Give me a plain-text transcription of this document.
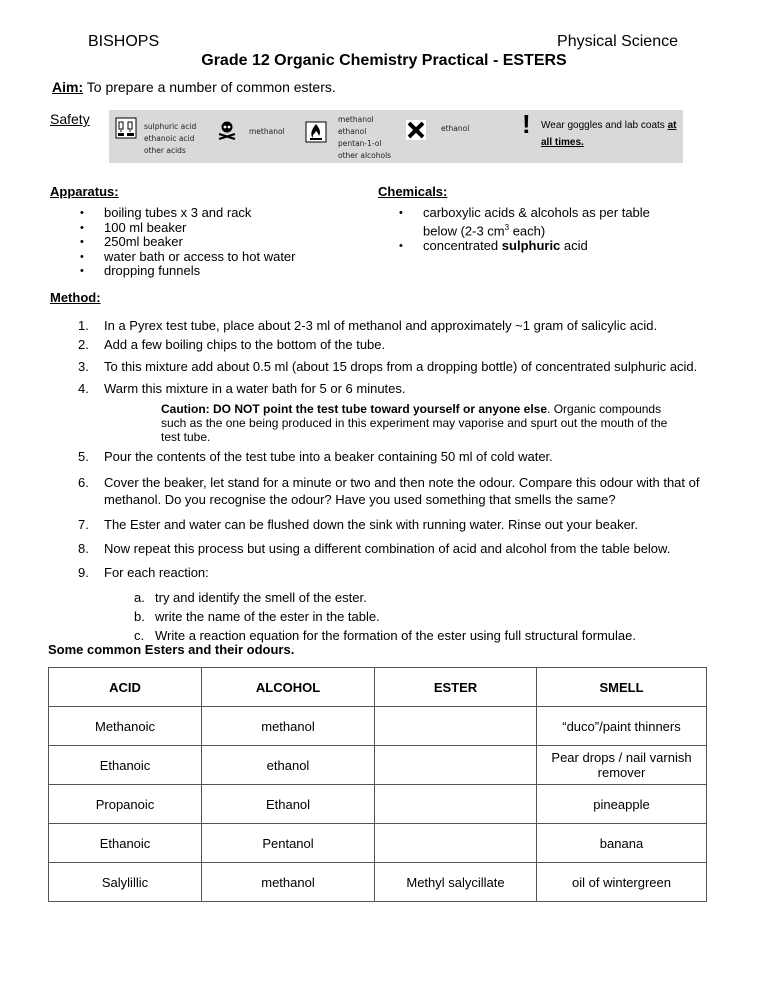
BISHOPS	Physical Science
Grade 12 Organic Chemistry Practical - ESTERS
Aim: To prepare a number of common esters.
Safety	sulphuric acid
ethanoic acid
other acids
methanol
methanol
ethanol
pentan-1-ol
other alcohols
ethanol ! Wear goggles and lab coats at all times.
Apparatus:
• boiling tubes x 3 and rack
• 100 ml beaker
• 250ml beaker
• water bath or access to hot water
• dropping funnels
Chemicals:
• carboxylic acids & alcohols as per table
below (2-3 $cm^3$ each)
• concentrated sulphuric acid
Method:
1.	In a Pyrex test tube, place about 2-3 ml of methanol and approximately ~1 gram of salicylic acid.
2.	Add a few boiling chips to the bottom of the tube.
3.	To this mixture add about 0.5 ml (about 15 drops from a dropping bottle) of concentrated sulphuric acid.
4.	Warm this mixture in a water bath for 5 or 6 minutes.
Caution: DO NOT point the test tube toward yourself or anyone else. Organic compounds such as the one being produced in this experiment may vaporise and spurt out the mouth of the test tube.
5.	Pour the contents of the test tube into a beaker containing 50 ml of cold water.
6.	Cover the beaker, let stand for a minute or two and then note the odour. Compare this odour with that of
methanol. Do you recognise the odour? Have you used something that smells the same?
7.	The Ester and water can be flushed down the sink with running water. Rinse out your beaker.
8.	Now repeat this process but using a different combination of acid and alcohol from the table below.
9.	For each reaction:
a. try and identify the smell of the ester.
b. write the name of the ester in the table.
c. Write a reaction equation for the formation of the ester using full structural formulae.
Some common Esters and their odours.
ACID	ALCOHOL	ESTER	SMELL
Methanoic	methanol		“duco”/paint thinners
Ethanoic	ethanol		Pear drops / nail varnish remover
Propanoic	Ethanol		pineapple
Ethanoic	Pentanol		banana
Salylillic	methanol	Methyl salycillate	oil of wintergreen
